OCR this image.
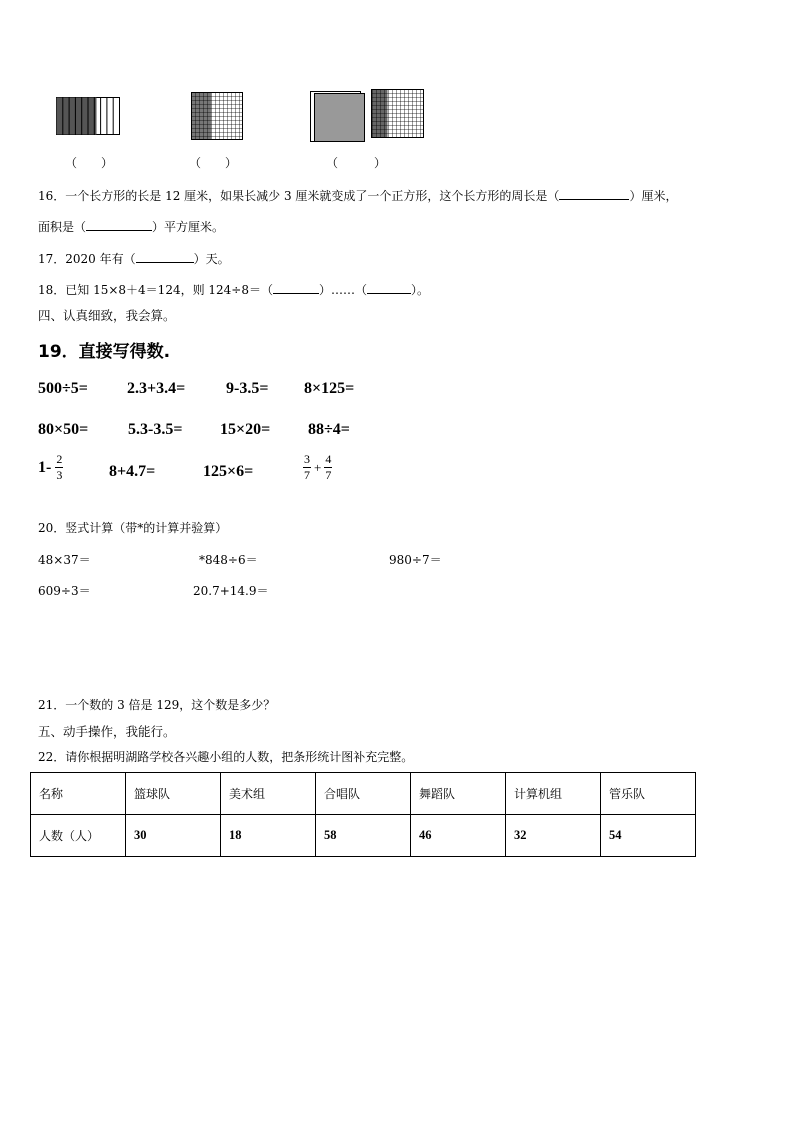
（　　）	（　　）	（　　　）
16．一个长方形的长是 12 厘米，如果长减少 3 厘米就变成了一个正方形，这个长方形的周长是（	）厘米，
面积是（	）平方厘米。
17．2020 年有（	）天。
18．已知 15×8＋4＝124，则 124÷8＝（	）……（	）。
四、认真细致，我会算。
19．直接写得数.
500÷5= 2.3+3.4=	9-3.5= 8×125=
80×50= 5.3-3.5= 15×20= 88÷4=
$1- \frac{2}{3}$	8+4.7=	125×6=	$\frac{3}{7} + \frac{4}{7}$
20．竖式计算（带*的计算并验算）
48×37＝	*848÷6＝	980÷7＝
609÷3＝	20.7+14.9＝
21．一个数的 3 倍是 129，这个数是多少？
五、动手操作，我能行。
22．请你根据明湖路学校各兴趣小组的人数，把条形统计图补充完整。
名称	篮球队	美术组	合唱队	舞蹈队	计算机组	管乐队
人数（人）	30	18	58	46	32	54
